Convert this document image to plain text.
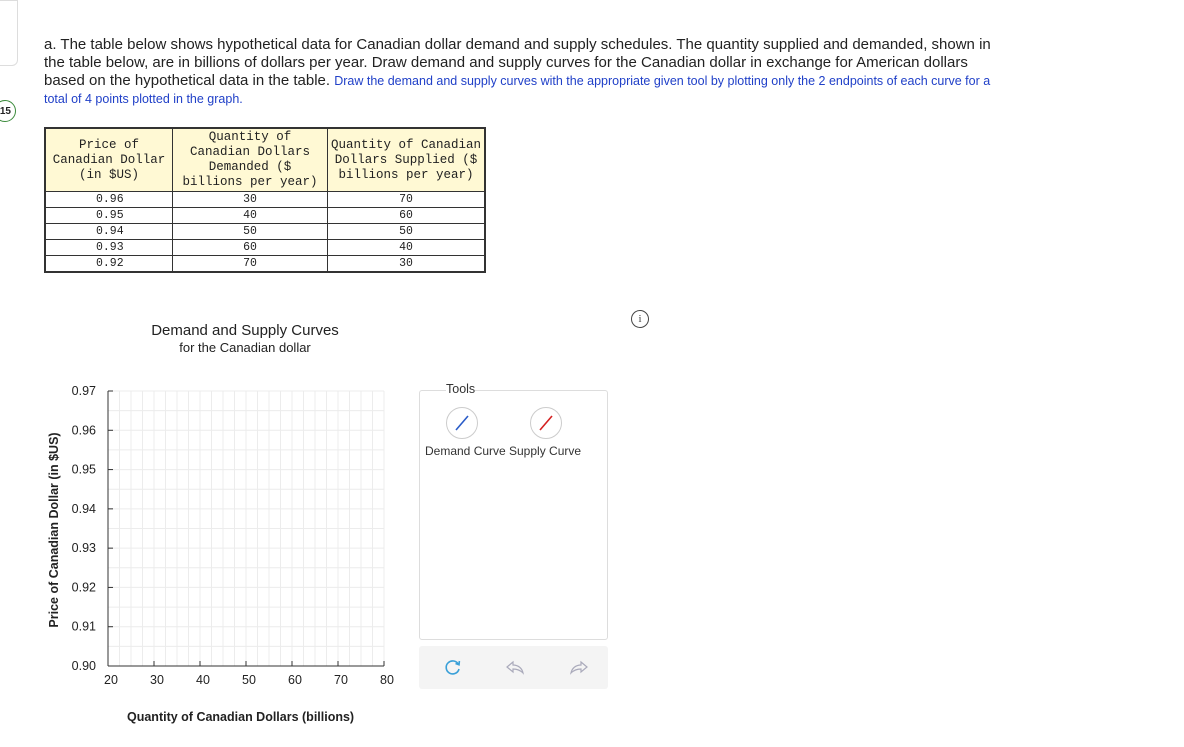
15
a. The table below shows hypothetical data for Canadian dollar demand and supply schedules. The quantity supplied and demanded, shown in the table below, are in billions of dollars per year. Draw demand and supply curves for the Canadian dollar in exchange for American dollars based on the hypothetical data in the table. Draw the demand and supply curves with the appropriate given tool by plotting only the 2 endpoints of each curve for a total of 4 points plotted in the graph.
Price of Canadian Dollar (in $US)	Quantity of Canadian Dollars Demanded ($ billions per year)	Quantity of Canadian Dollars Supplied ($ billions per year)
0.96	30	70
0.95	40	60
0.94	50	50
0.93	60	40
0.92	70	30
i
Demand and Supply Curves
for the Canadian dollar
0.97
0.96
0.95
0.94
0.93
0.92
0.91
0.90
20	30	40	50	60	70	80
Price of Canadian Dollar (in $US)
Quantity of Canadian Dollars (billions)
Tools
Demand Curve Supply Curve
